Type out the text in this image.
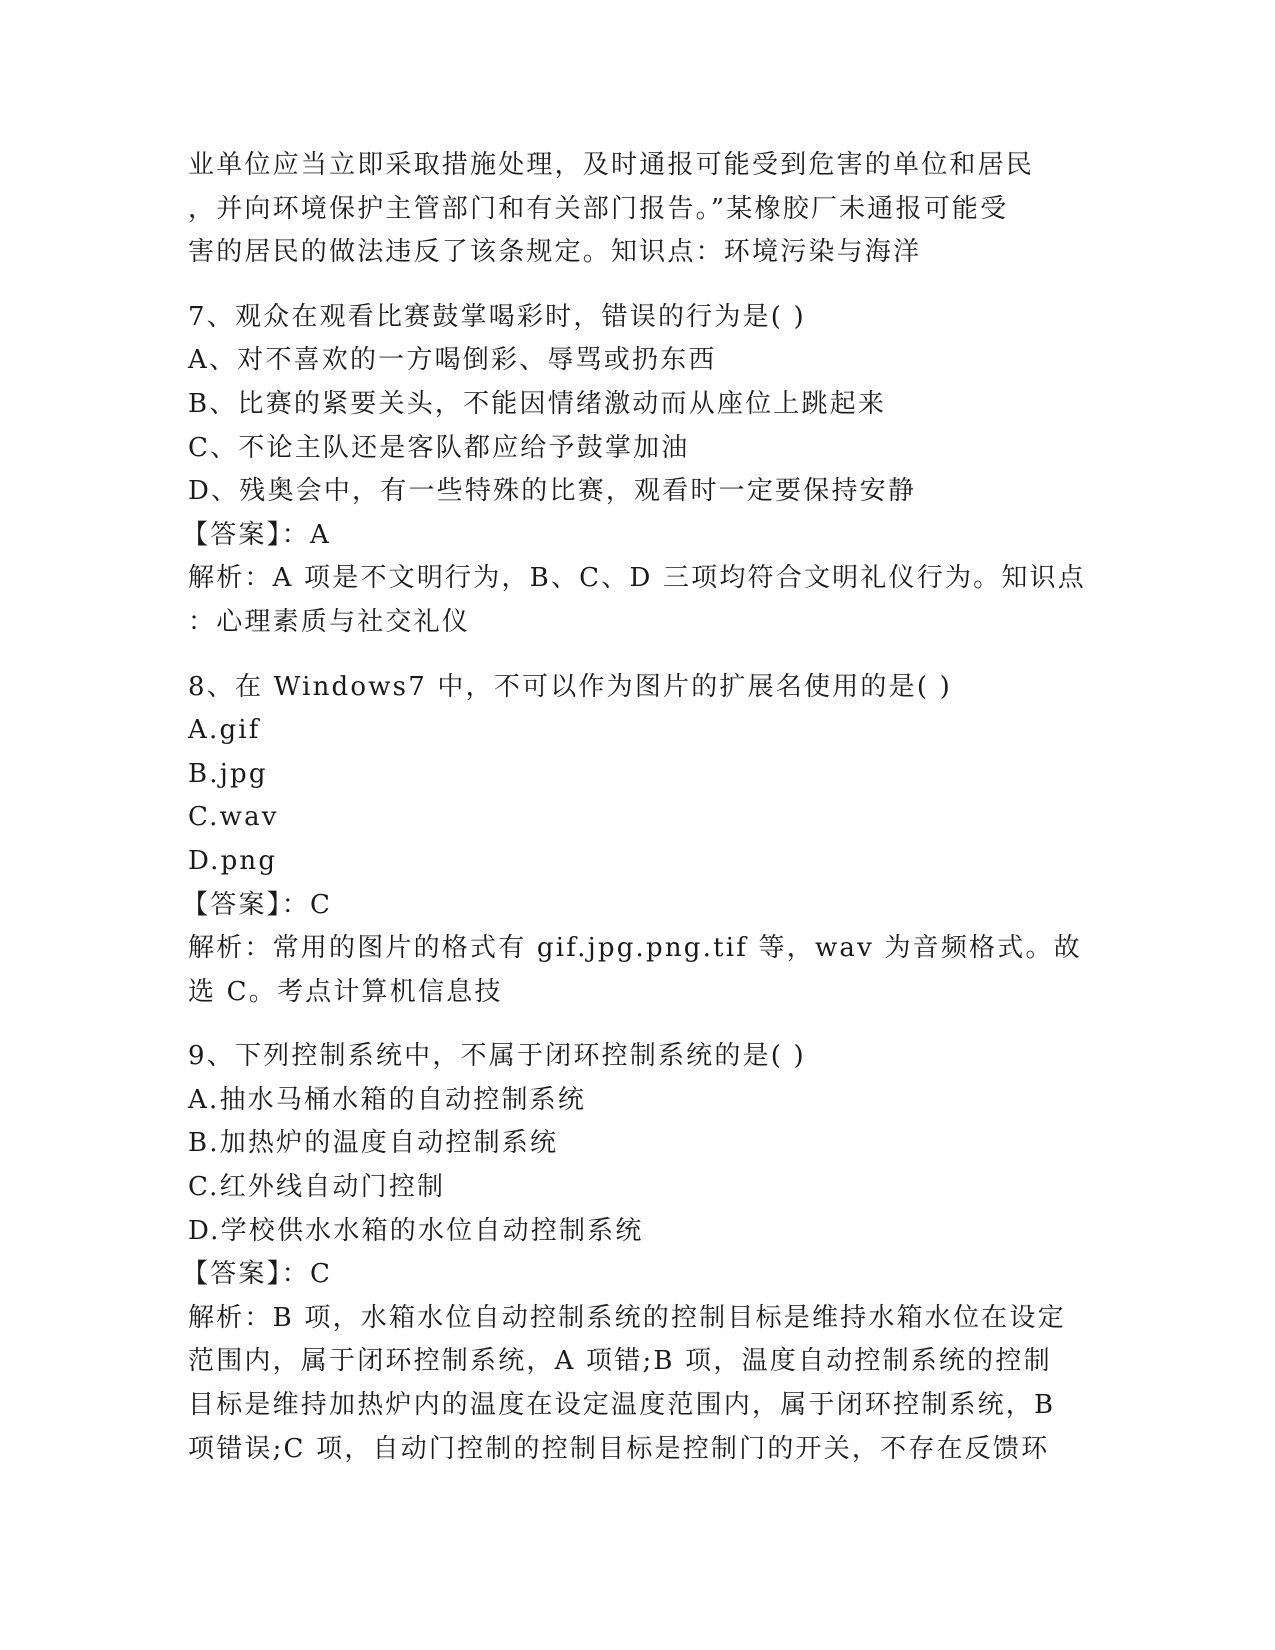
业单位应当立即采取措施处理，及时通报可能受到危害的单位和居民
，并向环境保护主管部门和有关部门报告。”某橡胶厂未通报可能受
害的居民的做法违反了该条规定。知识点：环境污染与海洋
7、观众在观看比赛鼓掌喝彩时，错误的行为是( )
A、对不喜欢的一方喝倒彩、辱骂或扔东西
B、比赛的紧要关头，不能因情绪激动而从座位上跳起来
C、不论主队还是客队都应给予鼓掌加油
D、残奥会中，有一些特殊的比赛，观看时一定要保持安静
【答案】：A
解析：A 项是不文明行为，B、C、D 三项均符合文明礼仪行为。知识点
：心理素质与社交礼仪
8、在 Windows7 中，不可以作为图片的扩展名使用的是( )
A.gif
B.jpg
C.wav
D.png
【答案】：C
解析：常用的图片的格式有 gif.jpg.png.tif 等，wav 为音频格式。故
选 C。考点计算机信息技
9、下列控制系统中，不属于闭环控制系统的是( )
A.抽水马桶水箱的自动控制系统
B.加热炉的温度自动控制系统
C.红外线自动门控制
D.学校供水水箱的水位自动控制系统
【答案】：C
解析：B 项，水箱水位自动控制系统的控制目标是维持水箱水位在设定
范围内，属于闭环控制系统，A 项错;B 项，温度自动控制系统的控制
目标是维持加热炉内的温度在设定温度范围内，属于闭环控制系统，B
项错误;C 项，自动门控制的控制目标是控制门的开关，不存在反馈环
